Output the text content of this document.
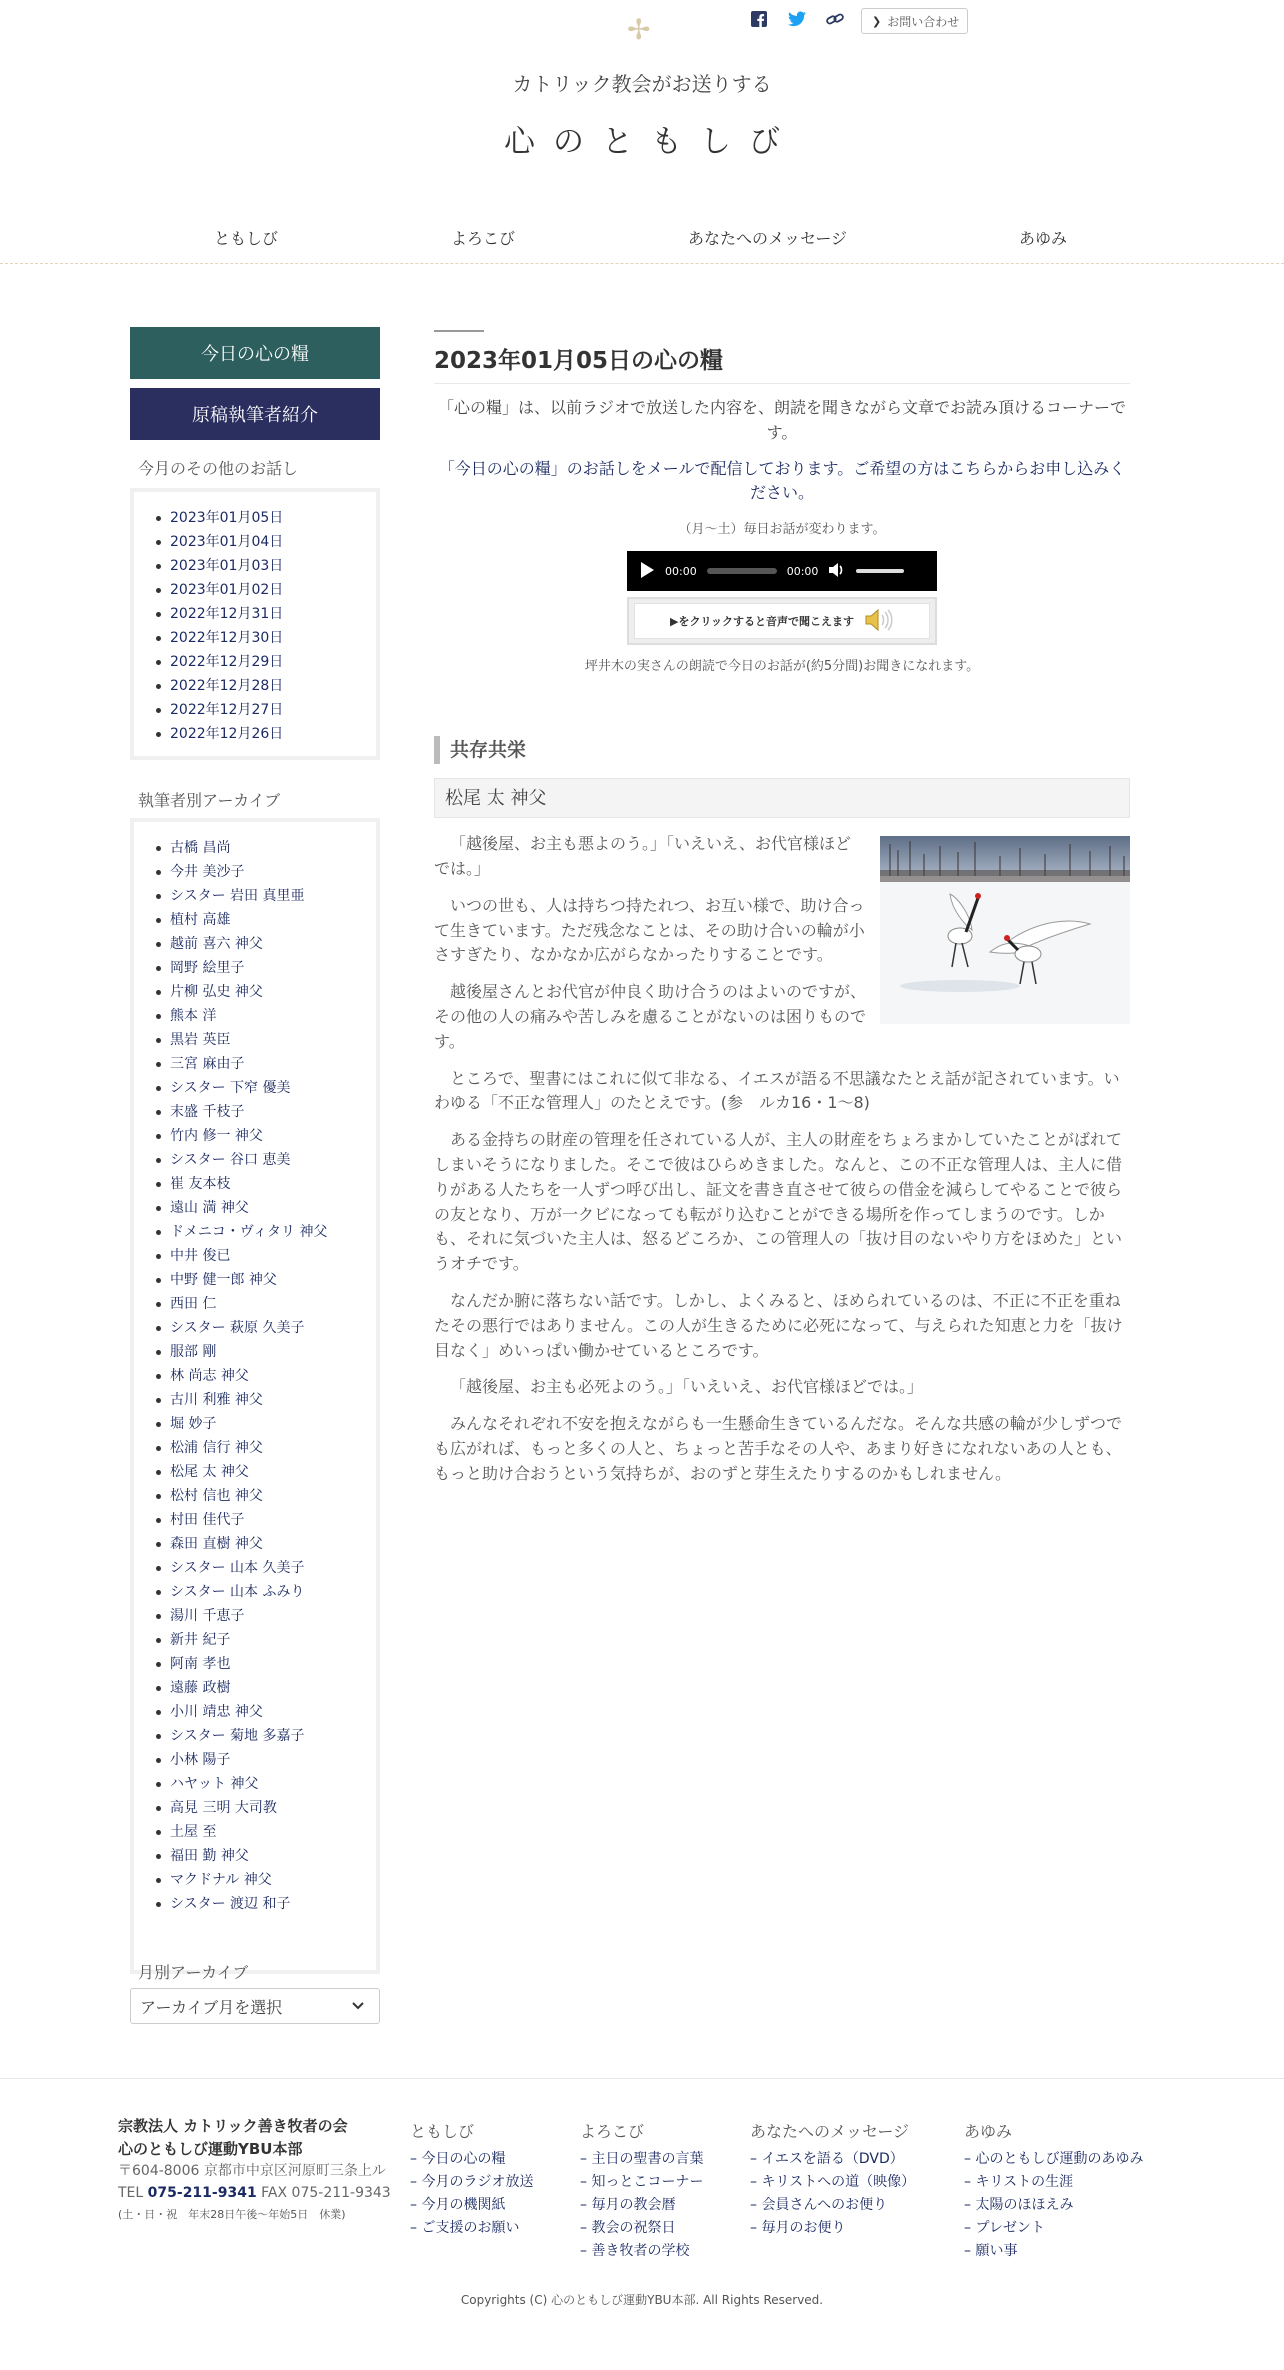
✢	❯ お問い合わせ
カトリック教会がお送りする
心のともしび
ともしび	よろこび	あなたへのメッセージ	あゆみ
今日の心の糧
原稿執筆者紹介
今月のその他のお話し
2023年01月05日
2023年01月04日
2023年01月03日
2023年01月02日
2022年12月31日
2022年12月30日
2022年12月29日
2022年12月28日
2022年12月27日
2022年12月26日
執筆者別アーカイブ
古橋 昌尚
今井 美沙子
シスター 岩田 真里亜
植村 高雄
越前 喜六 神父
岡野 絵里子
片柳 弘史 神父
熊本 洋
黒岩 英臣
三宮 麻由子
シスター 下窄 優美
末盛 千枝子
竹内 修一 神父
シスター 谷口 恵美
崔 友本枝
遠山 満 神父
ドメニコ・ヴィタリ 神父
中井 俊已
中野 健一郎 神父
西田 仁
シスター 萩原 久美子
服部 剛
林 尚志 神父
古川 利雅 神父
堀 妙子
松浦 信行 神父
松尾 太 神父
松村 信也 神父
村田 佳代子
森田 直樹 神父
シスター 山本 久美子
シスター 山本 ふみり
湯川 千恵子
新井 紀子
阿南 孝也
遠藤 政樹
小川 靖忠 神父
シスター 菊地 多嘉子
小林 陽子
ハヤット 神父
高見 三明 大司教
土屋 至
福田 勤 神父
マクドナル 神父
シスター 渡辺 和子
月別アーカイブ
アーカイブ月を選択
2023年01月05日の心の糧

「心の糧」は、以前ラジオで放送した内容を、朗読を聞きながら文章でお読み頂けるコーナーです。

「今日の心の糧」のお話しをメールで配信しております。ご希望の方はこちらからお申し込みください。

（月～土）毎日お話が変わります。

00:00	00:00
▶をクリックすると音声で聞こえます

坪井木の実さんの朗読で今日のお話が(約5分間)お聞きになれます。

共存共栄
松尾 太 神父

「越後屋、お主も悪よのう。」「いえいえ、お代官様ほどでは。」

いつの世も、人は持ちつ持たれつ、お互い様で、助け合って生きています。ただ残念なことは、その助け合いの輪が小さすぎたり、なかなか広がらなかったりすることです。

越後屋さんとお代官が仲良く助け合うのはよいのですが、その他の人の痛みや苦しみを慮ることがないのは困りものです。

ところで、聖書にはこれに似て非なる、イエスが語る不思議なたとえ話が記されています。いわゆる「不正な管理人」のたとえです。(参　ルカ16・1～8)

ある金持ちの財産の管理を任されている人が、主人の財産をちょろまかしていたことがばれてしまいそうになりました。そこで彼はひらめきました。なんと、この不正な管理人は、主人に借りがある人たちを一人ずつ呼び出し、証文を書き直させて彼らの借金を減らしてやることで彼らの友となり、万が一クビになっても転がり込むことができる場所を作ってしまうのです。しかも、それに気づいた主人は、怒るどころか、この管理人の「抜け目のないやり方をほめた」というオチです。

なんだか腑に落ちない話です。しかし、よくみると、ほめられているのは、不正に不正を重ねたその悪行ではありません。この人が生きるために必死になって、与えられた知恵と力を「抜け目なく」めいっぱい働かせているところです。

「越後屋、お主も必死よのう。」「いえいえ、お代官様ほどでは。」

みんなそれぞれ不安を抱えながらも一生懸命生きているんだな。そんな共感の輪が少しずつでも広がれば、もっと多くの人と、ちょっと苦手なその人や、あまり好きになれないあの人とも、もっと助け合おうという気持ちが、おのずと芽生えたりするのかもしれません。

宗教法人 カトリック善き牧者の会
心のともしび運動YBU本部
〒604-8006 京都市中京区河原町三条上ル
TEL 075-211-9341 FAX 075-211-9343
(土・日・祝　年末28日午後〜年始5日　休業)
ともしび
– 今日の心の糧
– 今月のラジオ放送
– 今月の機関紙
– ご支援のお願い
よろこび
– 主日の聖書の言葉
– 知っとこコーナー
– 毎月の教会暦
– 教会の祝祭日
– 善き牧者の学校
あなたへのメッセージ
– イエスを語る（DVD）
– キリストへの道（映像）
– 会員さんへのお便り
– 毎月のお便り
あゆみ
– 心のともしび運動のあゆみ
– キリストの生涯
– 太陽のほほえみ
– プレゼント
– 願い事
Copyrights (C) 心のともしび運動YBU本部. All Rights Reserved.
